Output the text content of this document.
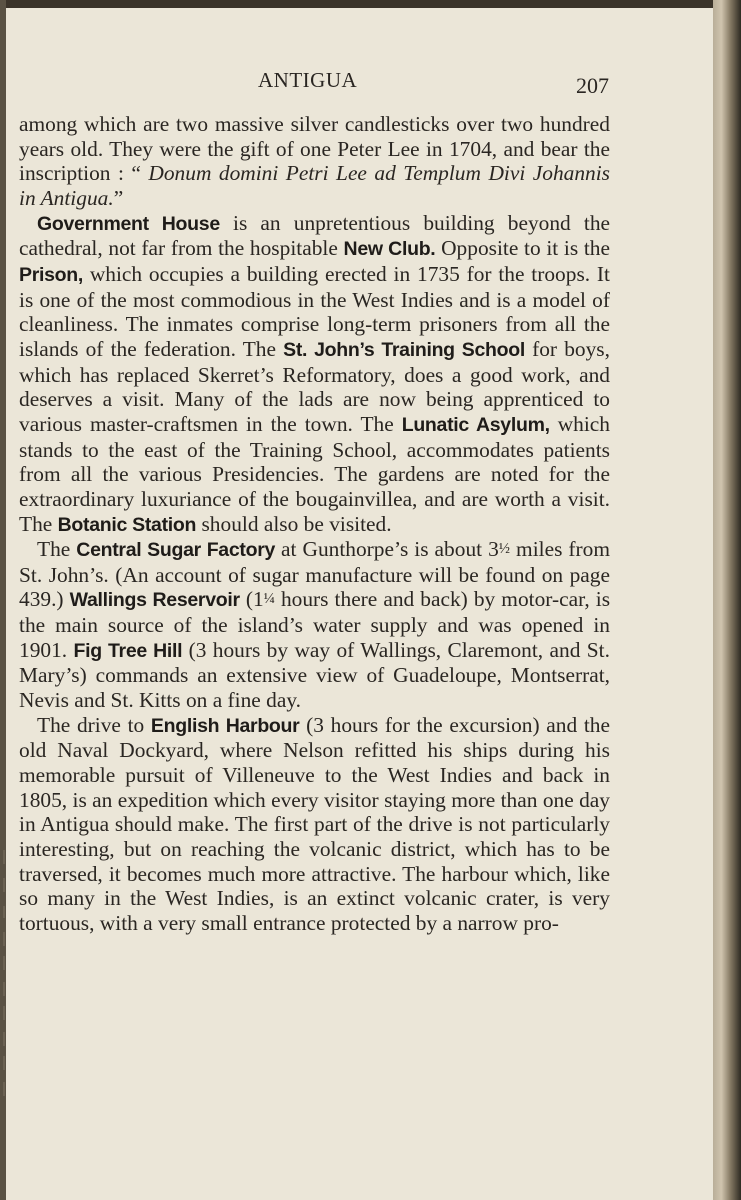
ANTIGUA	207

among which are two massive silver candlesticks over two hundred years old. They were the gift of one Peter Lee in 1704, and bear the inscription : “ Donum domini Petri Lee ad Templum Divi Johannis in Antigua.”

Government House is an unpretentious building beyond the cathedral, not far from the hospitable New Club. Opposite to it is the Prison, which occupies a building erected in 1735 for the troops. It is one of the most commodious in the West Indies and is a model of cleanliness. The inmates comprise long-term prisoners from all the islands of the federation. The St. John’s Training School for boys, which has replaced Skerret’s Reformatory, does a good work, and deserves a visit. Many of the lads are now being apprenticed to various master-craftsmen in the town. The Lunatic Asylum, which stands to the east of the Training School, accommodates patients from all the various Presidencies. The gardens are noted for the extraordinary luxuriance of the bougainvillea, and are worth a visit. The Botanic Station should also be visited.

The Central Sugar Factory at Gunthorpe’s is about 3½ miles from St. John’s. (An account of sugar manufacture will be found on page 439.) Wallings Reservoir (1¼ hours there and back) by motor-car, is the main source of the island’s water supply and was opened in 1901. Fig Tree Hill (3 hours by way of Wallings, Claremont, and St. Mary’s) commands an extensive view of Guadeloupe, Montserrat, Nevis and St. Kitts on a fine day.

The drive to English Harbour (3 hours for the excursion) and the old Naval Dockyard, where Nelson refitted his ships during his memorable pursuit of Villeneuve to the West Indies and back in 1805, is an expedition which every visitor staying more than one day in Antigua should make. The first part of the drive is not particularly interesting, but on reaching the volcanic district, which has to be traversed, it becomes much more attractive. The harbour which, like so many in the West Indies, is an extinct volcanic crater, is very tortuous, with a very small entrance protected by a narrow pro-
